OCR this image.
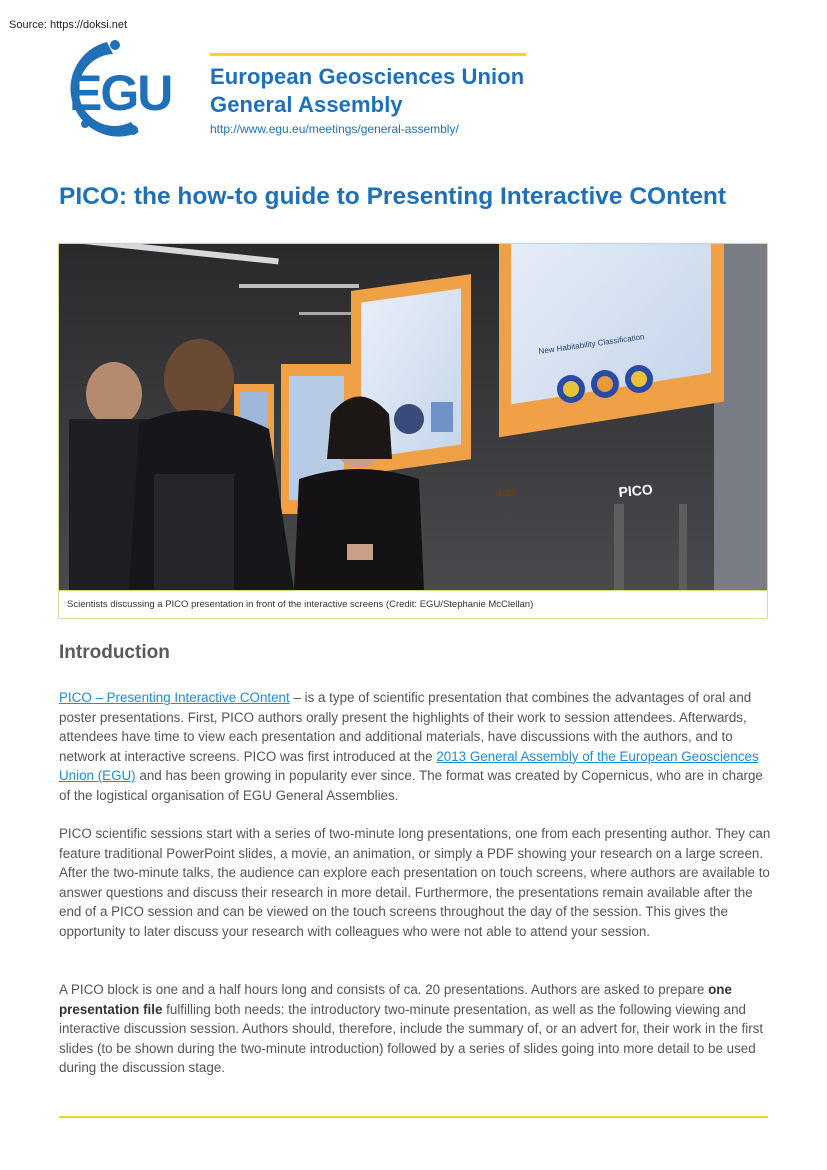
Source: https://doksi.net
EGU European Geosciences Union
General Assembly
http://www.egu.eu/meetings/general-assembly/
PICO: the how-to guide to Presenting Interactive COntent
New Habitability Classification
PICO
1.07
Scientists discussing a PICO presentation in front of the interactive screens (Credit: EGU/Stephanie McClellan)
Introduction

PICO – Presenting Interactive COntent – is a type of scientific presentation that combines the advantages of oral and poster presentations. First, PICO authors orally present the highlights of their work to session attendees. Afterwards, attendees have time to view each presentation and additional materials, have discussions with the authors, and to network at interactive screens. PICO was first introduced at the 2013 General Assembly of the European Geosciences Union (EGU) and has been growing in popularity ever since. The format was created by Copernicus, who are in charge of the logistical organisation of EGU General Assemblies.

PICO scientific sessions start with a series of two-minute long presentations, one from each presenting author. They can feature traditional PowerPoint slides, a movie, an animation, or simply a PDF showing your research on a large screen. After the two-minute talks, the audience can explore each presentation on touch screens, where authors are available to answer questions and discuss their research in more detail. Furthermore, the presentations remain available after the end of a PICO session and can be viewed on the touch screens throughout the day of the session. This gives the opportunity to later discuss your research with colleagues who were not able to attend your session.

A PICO block is one and a half hours long and consists of ca. 20 presentations. Authors are asked to prepare one presentation file fulfilling both needs: the introductory two-minute presentation, as well as the following viewing and interactive discussion session. Authors should, therefore, include the summary of, or an advert for, their work in the first slides (to be shown during the two-minute introduction) followed by a series of slides going into more detail to be used during the discussion stage.
